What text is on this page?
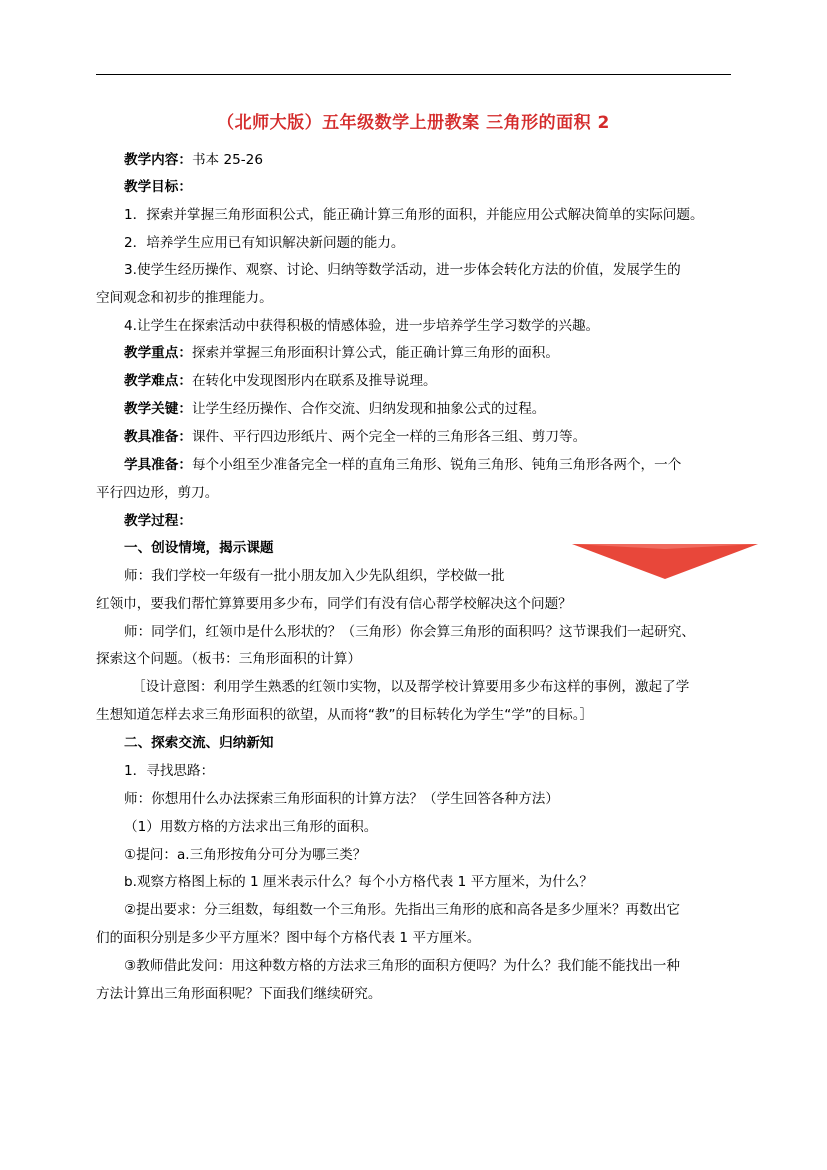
（北师大版）五年级数学上册教案 三角形的面积 2
教学内容：书本 25-26
教学目标：
1．探索并掌握三角形面积公式，能正确计算三角形的面积，并能应用公式解决简单的实际问题。
2．培养学生应用已有知识解决新问题的能力。
3.使学生经历操作、观察、讨论、归纳等数学活动，进一步体会转化方法的价值，发展学生的
空间观念和初步的推理能力。
4.让学生在探索活动中获得积极的情感体验，进一步培养学生学习数学的兴趣。
教学重点：探索并掌握三角形面积计算公式，能正确计算三角形的面积。
教学难点：在转化中发现图形内在联系及推导说理。
教学关键：让学生经历操作、合作交流、归纳发现和抽象公式的过程。
教具准备：课件、平行四边形纸片、两个完全一样的三角形各三组、剪刀等。
学具准备：每个小组至少准备完全一样的直角三角形、锐角三角形、钝角三角形各两个，一个
平行四边形，剪刀。
教学过程：
一、创设情境，揭示课题
师：我们学校一年级有一批小朋友加入少先队组织，学校做一批
红领巾，要我们帮忙算算要用多少布，同学们有没有信心帮学校解决这个问题？
师：同学们，红领巾是什么形状的？（三角形）你会算三角形的面积吗？这节课我们一起研究、
探索这个问题。（板书：三角形面积的计算）
［设计意图：利用学生熟悉的红领巾实物，以及帮学校计算要用多少布这样的事例，激起了学
生想知道怎样去求三角形面积的欲望，从而将“教”的目标转化为学生“学”的目标。］
二、探索交流、归纳新知
1．寻找思路：
师：你想用什么办法探索三角形面积的计算方法？（学生回答各种方法）
（1）用数方格的方法求出三角形的面积。
①提问：a.三角形按角分可分为哪三类？
b.观察方格图上标的 1 厘米表示什么？每个小方格代表 1 平方厘米，为什么？
②提出要求：分三组数，每组数一个三角形。先指出三角形的底和高各是多少厘米？再数出它
们的面积分别是多少平方厘米？图中每个方格代表 1 平方厘米。
③教师借此发问：用这种数方格的方法求三角形的面积方便吗？为什么？我们能不能找出一种
方法计算出三角形面积呢？下面我们继续研究。
